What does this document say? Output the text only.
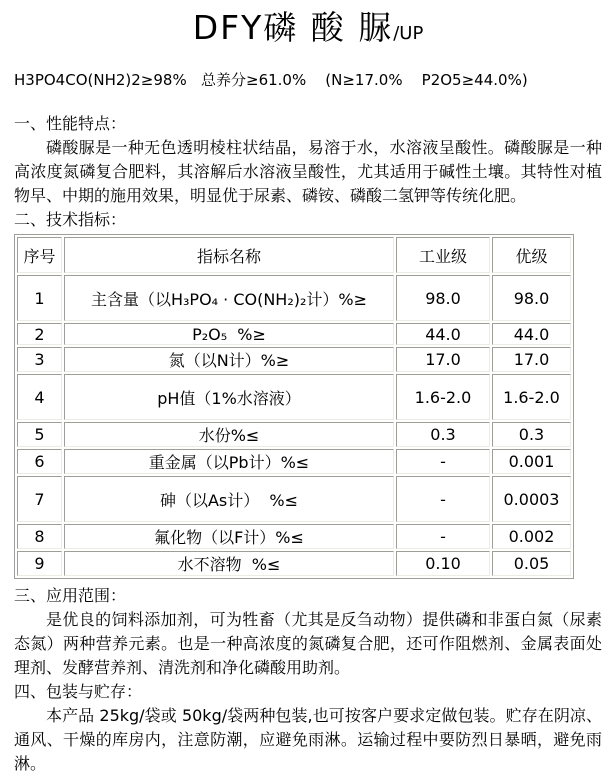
DFY磷 酸 脲/UP
H3PO4CO(NH2)2≥98%   总养分≥61.0%    (N≥17.0%    P2O5≥44.0%)

一、性能特点：

磷酸脲是一种无色透明棱柱状结晶，易溶于水，水溶液呈酸性。磷酸脲是一种高浓度氮磷复合肥料，其溶解后水溶液呈酸性，尤其适用于碱性土壤。其特性对植物早、中期的施用效果，明显优于尿素、磷铵、磷酸二氢钾等传统化肥。

二、技术指标：

序号	指标名称	工业级	优级
1	主含量（以H₃PO₄ · CO(NH₂)₂计）%≥	98.0	98.0
2	P₂O₅  %≥	44.0	44.0
3	氮（以N计）%≥	17.0	17.0
4	pH值（1%水溶液）	1.6-2.0	1.6-2.0
5	水份%≤	0.3	0.3
6	重金属（以Pb计）%≤	-	0.001
7	砷（以As计）  %≤	-	0.0003
8	氟化物（以F计）%≤	-	0.002
9	水不溶物  %≤	0.10	0.05

三、应用范围：

是优良的饲料添加剂，可为牲畜（尤其是反刍动物）提供磷和非蛋白氮（尿素态氮）两种营养元素。也是一种高浓度的氮磷复合肥，还可作阻燃剂、金属表面处理剂、发酵营养剂、清洗剂和净化磷酸用助剂。

四、包装与贮存：

本产品 25kg/袋或 50kg/袋两种包装,也可按客户要求定做包装。贮存在阴凉、通风、干燥的库房内，注意防潮，应避免雨淋。运输过程中要防烈日暴晒，避免雨淋。
